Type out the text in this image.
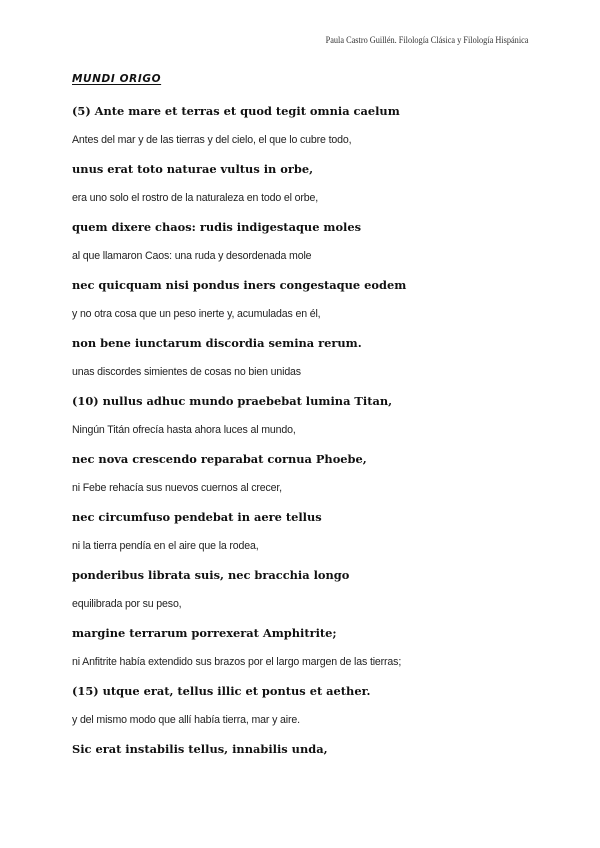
Paula Castro Guillén. Filología Clásica y Filología Hispánica
MUNDI ORIGO
(5) Ante mare et terras et quod tegit omnia caelum
Antes del mar y de las tierras y del cielo, el que lo cubre todo,
unus erat toto naturae vultus in orbe,
era uno solo el rostro de la naturaleza en todo el orbe,
quem dixere chaos: rudis indigestaque moles
al que llamaron Caos: una ruda y desordenada mole
nec quicquam nisi pondus iners congestaque eodem
y no otra cosa que un peso inerte y, acumuladas en él,
non bene iunctarum discordia semina rerum.
unas discordes simientes de cosas no bien unidas
(10) nullus adhuc mundo praebebat lumina Titan,
Ningún Titán ofrecía hasta ahora luces al mundo,
nec nova crescendo reparabat cornua Phoebe,
ni Febe rehacía sus nuevos cuernos al crecer,
nec circumfuso pendebat in aere tellus
ni la tierra pendía en el aire que la rodea,
ponderibus librata suis, nec bracchia longo
equilibrada por su peso,
margine terrarum porrexerat Amphitrite;
ni Anfitrite había extendido sus brazos por el largo margen de las tierras;
(15) utque erat, tellus illic et pontus et aether.
y del mismo modo que allí había tierra, mar y aire.
Sic erat instabilis tellus, innabilis unda,
